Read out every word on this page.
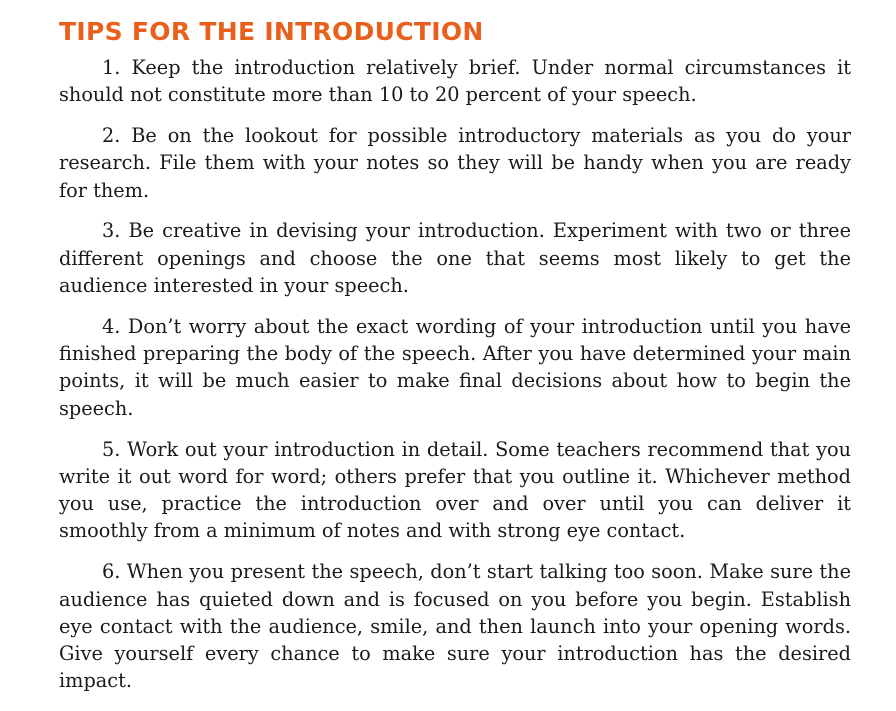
TIPS FOR THE INTRODUCTION

1. Keep the introduction relatively brief. Under normal circumstances it should not constitute more than 10 to 20 percent of your speech.

2. Be on the lookout for possible introductory materials as you do your research. File them with your notes so they will be handy when you are ready for them.

3. Be creative in devising your introduction. Experiment with two or three different openings and choose the one that seems most likely to get the audience interested in your speech.

4. Don’t worry about the exact wording of your introduction until you have finished preparing the body of the speech. After you have determined your main points, it will be much easier to make final decisions about how to begin the speech.

5. Work out your introduction in detail. Some teachers recommend that you write it out word for word; others prefer that you outline it. Whichever method you use, practice the introduction over and over until you can deliver it smoothly from a minimum of notes and with strong eye contact.

6. When you present the speech, don’t start talking too soon. Make sure the audience has quieted down and is focused on you before you begin. Establish eye contact with the audience, smile, and then launch into your opening words. Give yourself every chance to make sure your introduction has the desired impact.
